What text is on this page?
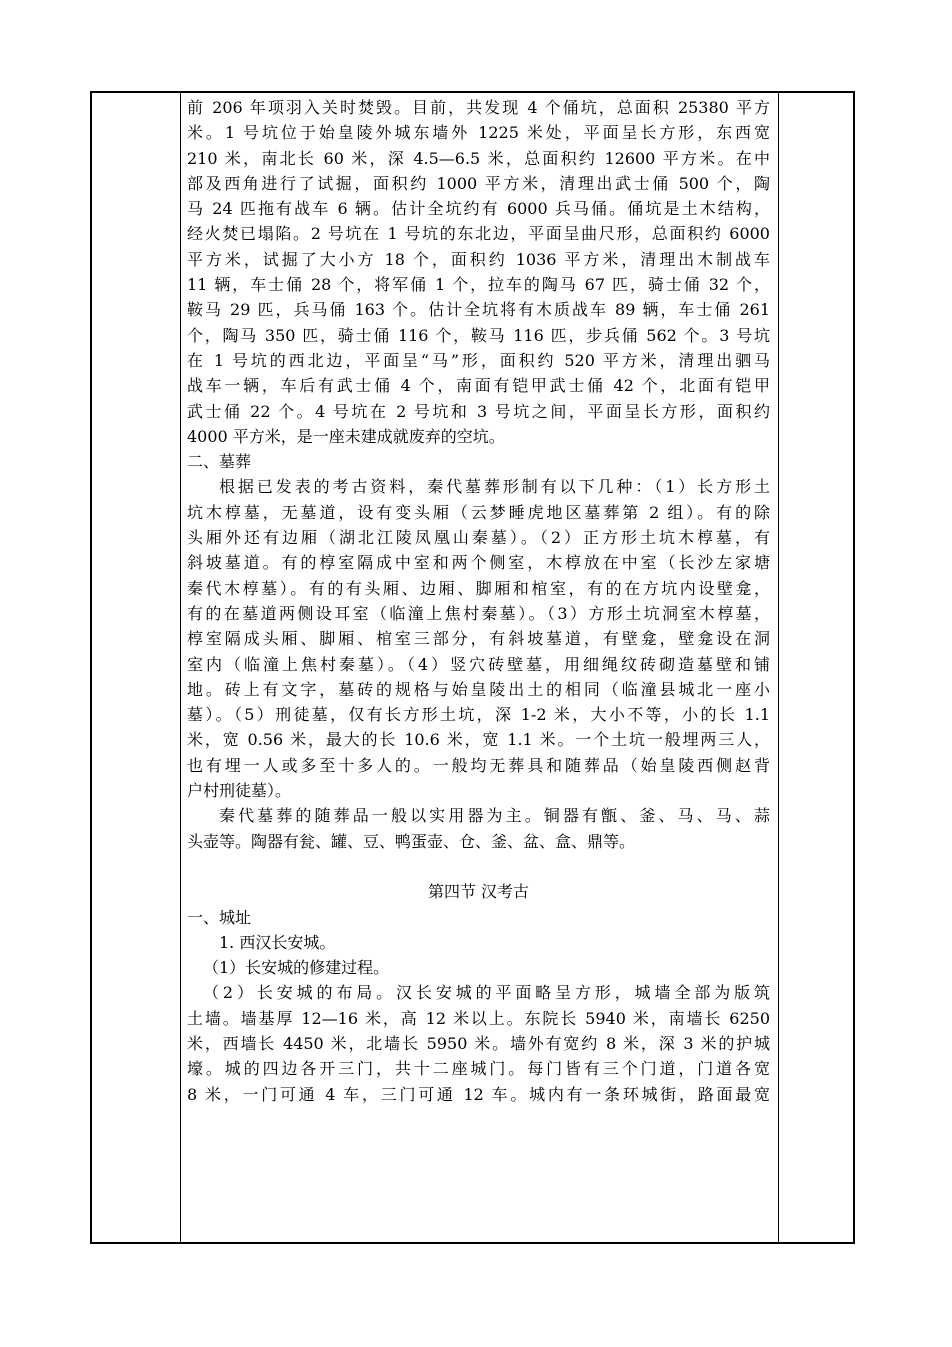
前 206 年项羽入关时焚毁。目前，共发现 4 个俑坑，总面积 25380 平方
米。1 号坑位于始皇陵外城东墙外 1225 米处，平面呈长方形，东西宽
210 米，南北长 60 米，深 4.5—6.5 米，总面积约 12600 平方米。在中
部及西角进行了试掘，面积约 1000 平方米，清理出武士俑 500 个，陶
马 24 匹拖有战车 6 辆。估计全坑约有 6000 兵马俑。俑坑是土木结构，
经火焚已塌陷。2 号坑在 1 号坑的东北边，平面呈曲尺形，总面积约 6000
平方米，试掘了大小方 18 个，面积约 1036 平方米，清理出木制战车
11 辆，车士俑 28 个，将军俑 1 个，拉车的陶马 67 匹，骑士俑 32 个，
鞍马 29 匹，兵马俑 163 个。估计全坑将有木质战车 89 辆，车士俑 261
个，陶马 350 匹，骑士俑 116 个，鞍马 116 匹，步兵俑 562 个。3 号坑
在 1 号坑的西北边，平面呈“马”形，面积约 520 平方米，清理出驷马
战车一辆，车后有武士俑 4 个，南面有铠甲武士俑 42 个，北面有铠甲
武士俑 22 个。4 号坑在 2 号坑和 3 号坑之间，平面呈长方形，面积约
4000 平方米，是一座未建成就废弃的空坑。
二、墓葬
根据已发表的考古资料，秦代墓葬形制有以下几种：（1）长方形土
坑木椁墓，无墓道，设有变头厢（云梦睡虎地区墓葬第 2 组）。有的除
头厢外还有边厢（湖北江陵凤凰山秦墓）。（2）正方形土坑木椁墓，有
斜坡墓道。有的椁室隔成中室和两个侧室，木椁放在中室（长沙左家塘
秦代木椁墓）。有的有头厢、边厢、脚厢和棺室，有的在方坑内设壁龛，
有的在墓道两侧设耳室（临潼上焦村秦墓）。（3）方形土坑洞室木椁墓，
椁室隔成头厢、脚厢、棺室三部分，有斜坡墓道，有壁龛，壁龛设在洞
室内（临潼上焦村秦墓）。（4）竖穴砖壁墓，用细绳纹砖砌造墓壁和铺
地。砖上有文字，墓砖的规格与始皇陵出土的相同（临潼县城北一座小
墓）。（5）刑徒墓，仅有长方形土坑，深 1-2 米，大小不等，小的长 1.1
米，宽 0.56 米，最大的长 10.6 米，宽 1.1 米。一个土坑一般埋两三人，
也有埋一人或多至十多人的。一般均无葬具和随葬品（始皇陵西侧赵背
户村刑徒墓）。
秦代墓葬的随葬品一般以实用器为主。铜器有甑、釜、马、马、蒜
头壶等。陶器有瓮、罐、豆、鸭蛋壶、仓、釜、盆、盒、鼎等。
第四节 汉考古
一、城址
1. 西汉长安城。
（1）长安城的修建过程。
（2）长安城的布局。汉长安城的平面略呈方形，城墙全部为版筑
土墙。墙基厚 12—16 米，高 12 米以上。东院长 5940 米，南墙长 6250
米，西墙长 4450 米，北墙长 5950 米。墙外有宽约 8 米，深 3 米的护城
壕。城的四边各开三门，共十二座城门。每门皆有三个门道，门道各宽
8 米，一门可通 4 车，三门可通 12 车。城内有一条环城街，路面最宽
